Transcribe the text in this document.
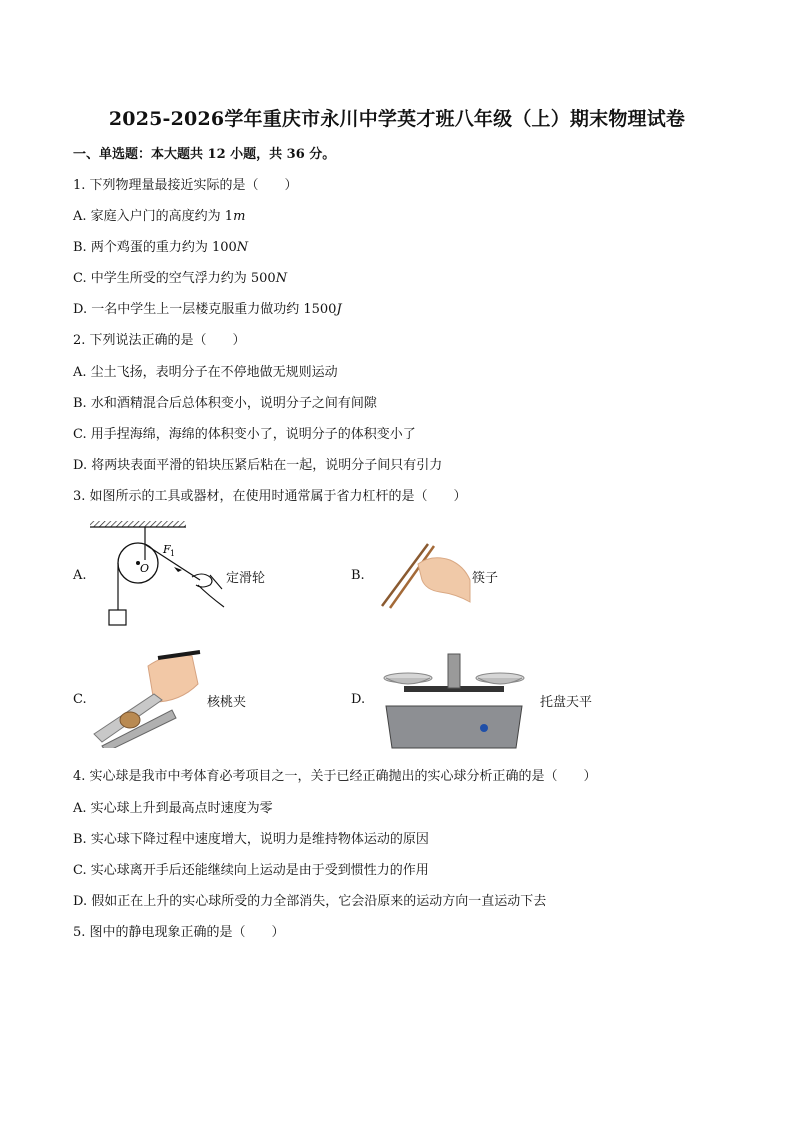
2025-2026学年重庆市永川中学英才班八年级（上）期末物理试卷
一、单选题：本大题共 12 小题，共 36 分。
1. 下列物理量最接近实际的是（　　）
A. 家庭入户门的高度约为 1m
B. 两个鸡蛋的重力约为 100N
C. 中学生所受的空气浮力约为 500N
D. 一名中学生上一层楼克服重力做功约 1500J
2. 下列说法正确的是（　　）
A. 尘土飞扬，表明分子在不停地做无规则运动
B. 水和酒精混合后总体积变小，说明分子之间有间隙
C. 用手捏海绵，海绵的体积变小了，说明分子的体积变小了
D. 将两块表面平滑的铅块压紧后粘在一起，说明分子间只有引力
3. 如图所示的工具或器材，在使用时通常属于省力杠杆的是（　　）
A.	O
F 1
定滑轮	B.	筷子
C.	核桃夹	D.	托盘天平
4. 实心球是我市中考体育必考项目之一，关于已经正确抛出的实心球分析正确的是（　　）
A. 实心球上升到最高点时速度为零
B. 实心球下降过程中速度增大，说明力是维持物体运动的原因
C. 实心球离开手后还能继续向上运动是由于受到惯性力的作用
D. 假如正在上升的实心球所受的力全部消失，它会沿原来的运动方向一直运动下去
5. 图中的静电现象正确的是（　　）
